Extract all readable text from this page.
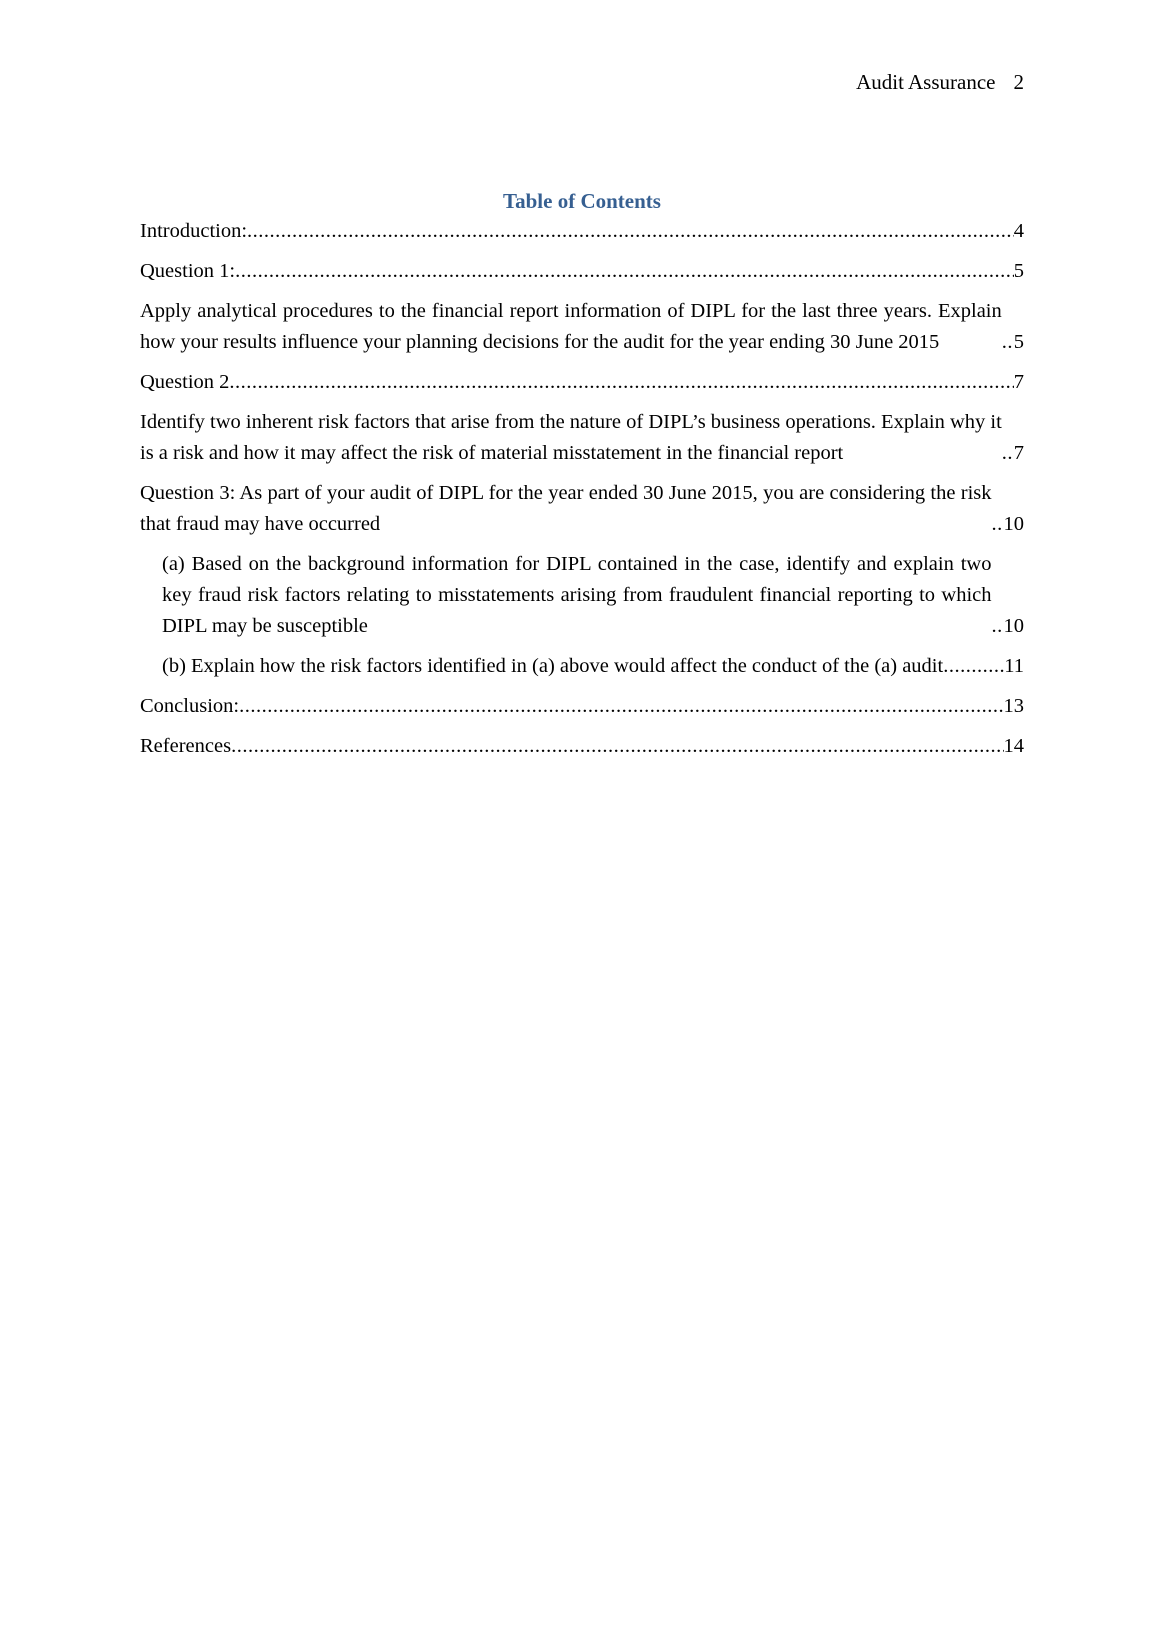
Audit Assurance 2
Table of Contents
Introduction: .....	4
Question 1: .....	5
Apply analytical procedures to the financial report information of DIPL for the last three years. Explain how your results influence your planning decisions for the audit for the year ending 30 June 2015 .....	5
Question 2 .....	7
Identify two inherent risk factors that arise from the nature of DIPL’s business operations. Explain why it is a risk and how it may affect the risk of material misstatement in the financial report .....	7
Question 3: As part of your audit of DIPL for the year ended 30 June 2015, you are considering the risk that fraud may have occurred .....	10
(a) Based on the background information for DIPL contained in the case, identify and explain two key fraud risk factors relating to misstatements arising from fraudulent financial reporting to which DIPL may be susceptible .....	10
(b) Explain how the risk factors identified in (a) above would affect the conduct of the (a) audit .....	11
Conclusion: .....	13
References .....	14
